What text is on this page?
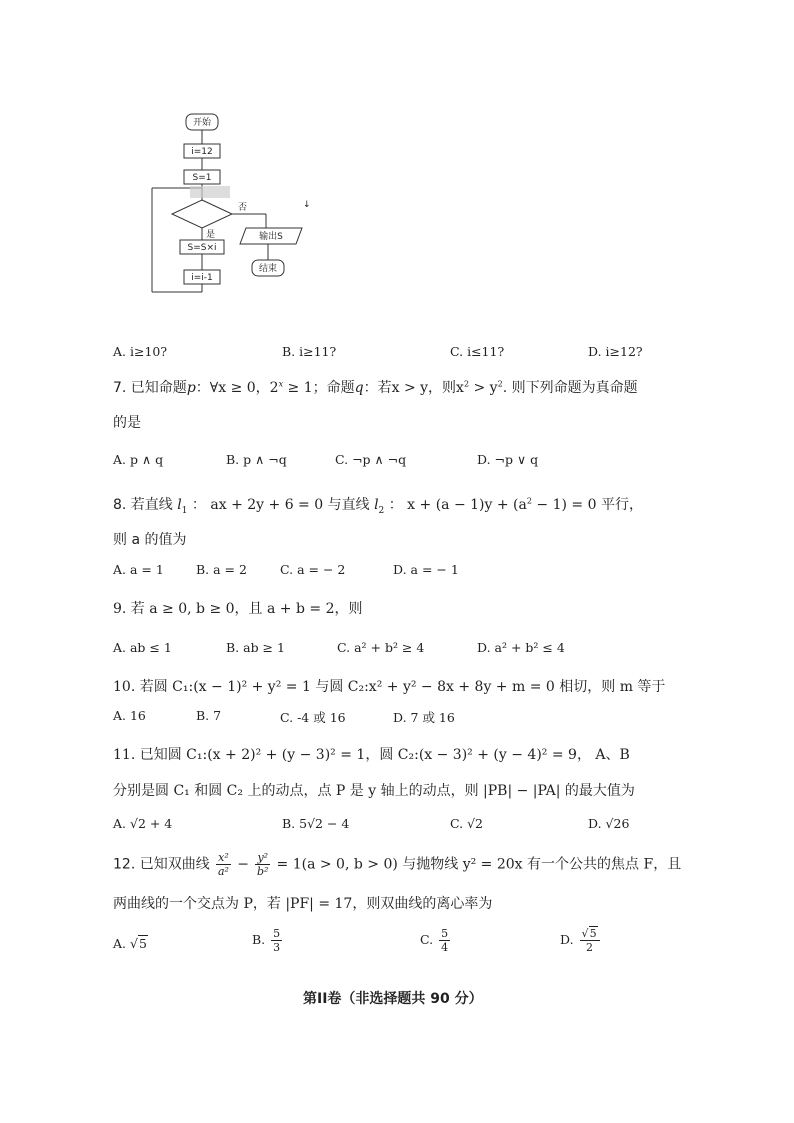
开始
i=12
S=1
否
是	输出S
S=S×i
i=i-1
结束
↓
A. i≥10?	B. i≥11?	C. i≤11?	D. i≥12?
7. 已知命题p：∀x ≥ 0，$2^x \ge 1$；命题q：若x > y，则$x^2 > y^2$. 则下列命题为真命题
的是
A. p ∧ q	B. p ∧ ¬q	C. ¬p ∧ ¬q	D. ¬p ∨ q
8. 若直线 $l_1$ ： ax + 2y + 6 = 0 与直线 $l_2$ ： $x + (a - 1)y + (a^2 - 1) = 0$ 平行，
则 a 的值为
A. a = 1	B. a = 2	C. a = − 2	D. a = − 1
9. 若 a ≥ 0, b ≥ 0，且 a + b = 2，则
A. ab ≤ 1	B. ab ≥ 1	C. a² + b² ≥ 4	D. a² + b² ≤ 4
10. 若圆 C₁:(x − 1)² + y² = 1 与圆 C₂:x² + y² − 8x + 8y + m = 0 相切，则 m 等于
A. 16	B. 7	C. -4 或 16	D. 7 或 16
11. 已知圆 C₁:(x + 2)² + (y − 3)² = 1，圆 C₂:(x − 3)² + (y − 4)² = 9， A、B
分别是圆 C₁ 和圆 C₂ 上的动点，点 P 是 y 轴上的动点，则 |PB| − |PA| 的最大值为
A. √2 + 4	B. 5√2 − 4	C. √2	D. √26
12. 已知双曲线 $\frac{\text{x²}}{\text{a²}} - \frac{\text{y²}}{\text{b²}} = 1(a > 0$, b > 0) 与抛物线 y² = 20x 有一个公共的焦点 F，且
两曲线的一个交点为 P，若 |PF| = 17，则双曲线的离心率为
A. √5	B. $\frac{5}{3}$	C. $\frac{5}{4}$	D. $\frac{√5}{2}$
第II卷（非选择题共 90 分）
